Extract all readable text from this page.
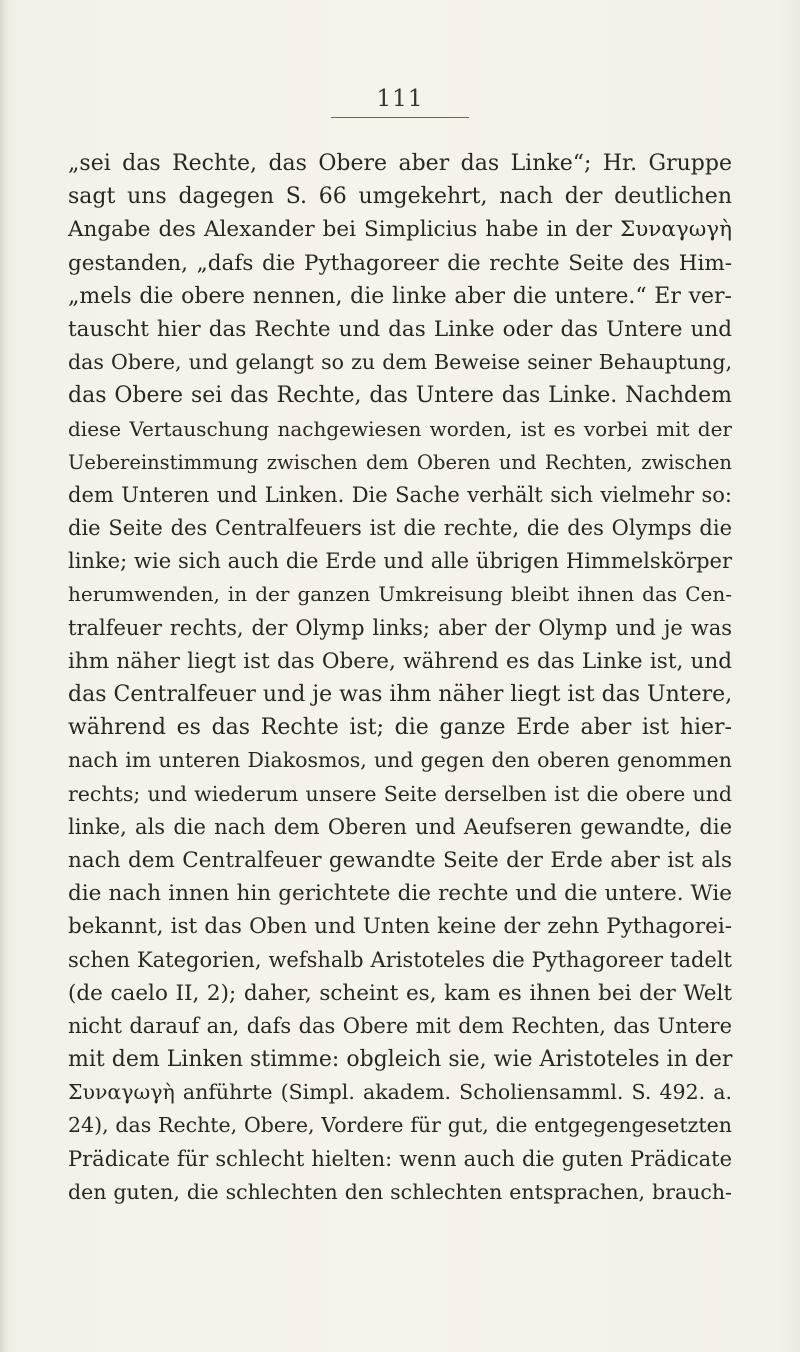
111
„sei das Rechte, das Obere aber das Linke“; Hr. Gruppe
sagt uns dagegen S. 66 umgekehrt, nach der deutlichen
Angabe des Alexander bei Simplicius habe in der Συναγωγὴ
gestanden, „dafs die Pythagoreer die rechte Seite des Him-
„mels die obere nennen, die linke aber die untere.“ Er ver-
tauscht hier das Rechte und das Linke oder das Untere und
das Obere, und gelangt so zu dem Beweise seiner Behauptung,
das Obere sei das Rechte, das Untere das Linke. Nachdem
diese Vertauschung nachgewiesen worden, ist es vorbei mit der
Uebereinstimmung zwischen dem Oberen und Rechten, zwischen
dem Unteren und Linken. Die Sache verhält sich vielmehr so:
die Seite des Centralfeuers ist die rechte, die des Olymps die
linke; wie sich auch die Erde und alle übrigen Himmelskörper
herumwenden, in der ganzen Umkreisung bleibt ihnen das Cen-
tralfeuer rechts, der Olymp links; aber der Olymp und je was
ihm näher liegt ist das Obere, während es das Linke ist, und
das Centralfeuer und je was ihm näher liegt ist das Untere,
während es das Rechte ist; die ganze Erde aber ist hier-
nach im unteren Diakosmos, und gegen den oberen genommen
rechts; und wiederum unsere Seite derselben ist die obere und
linke, als die nach dem Oberen und Aeufseren gewandte, die
nach dem Centralfeuer gewandte Seite der Erde aber ist als
die nach innen hin gerichtete die rechte und die untere. Wie
bekannt, ist das Oben und Unten keine der zehn Pythagorei-
schen Kategorien, wefshalb Aristoteles die Pythagoreer tadelt
(de caelo II, 2); daher, scheint es, kam es ihnen bei der Welt
nicht darauf an, dafs das Obere mit dem Rechten, das Untere
mit dem Linken stimme: obgleich sie, wie Aristoteles in der
Συναγωγὴ anführte (Simpl. akadem. Scholiensamml. S. 492. a.
24), das Rechte, Obere, Vordere für gut, die entgegengesetzten
Prädicate für schlecht hielten: wenn auch die guten Prädicate
den guten, die schlechten den schlechten entsprachen, brauch-
